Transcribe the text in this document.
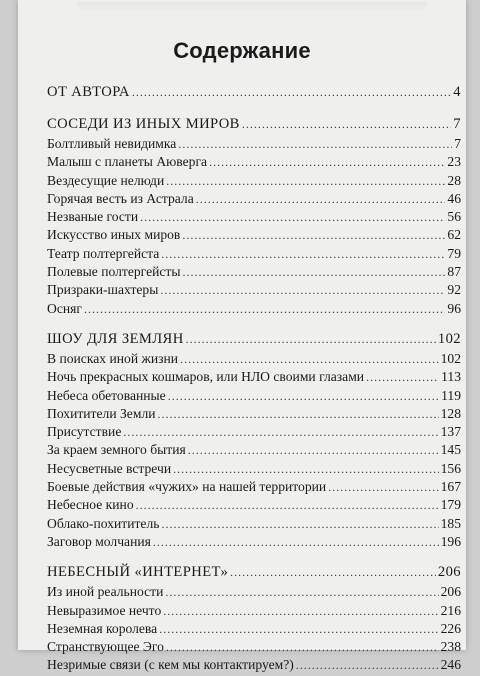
Содержание
ОТ АВТОРА .....	4
СОСЕДИ ИЗ ИНЫХ МИРОВ .....	7
Болтливый невидимка .....	7
Малыш с планеты Аюверга .....	23
Вездесущие нелюди .....	28
Горячая весть из Астрала .....	46
Незваные гости .....	56
Искусство иных миров .....	62
Театр полтергейста .....	79
Полевые полтергейсты .....	87
Призраки-шахтеры .....	92
Осняг .....	96
ШОУ ДЛЯ ЗЕМЛЯН .....	102
В поисках иной жизни .....	102
Ночь прекрасных кошмаров, или НЛО своими глазами .....	113
Небеса обетованные .....	119
Похитители Земли .....	128
Присутствие .....	137
За краем земного бытия .....	145
Несусветные встречи .....	156
Боевые действия «чужих» на нашей территории .....	167
Небесное кино .....	179
Облако-похититель .....	185
Заговор молчания .....	196
НЕБЕСНЫЙ «ИНТЕРНЕТ» .....	206
Из иной реальности .....	206
Невыразимое нечто .....	216
Неземная королева .....	226
Странствующее Эго .....	238
Незримые связи (с кем мы контактируем?) .....	246
